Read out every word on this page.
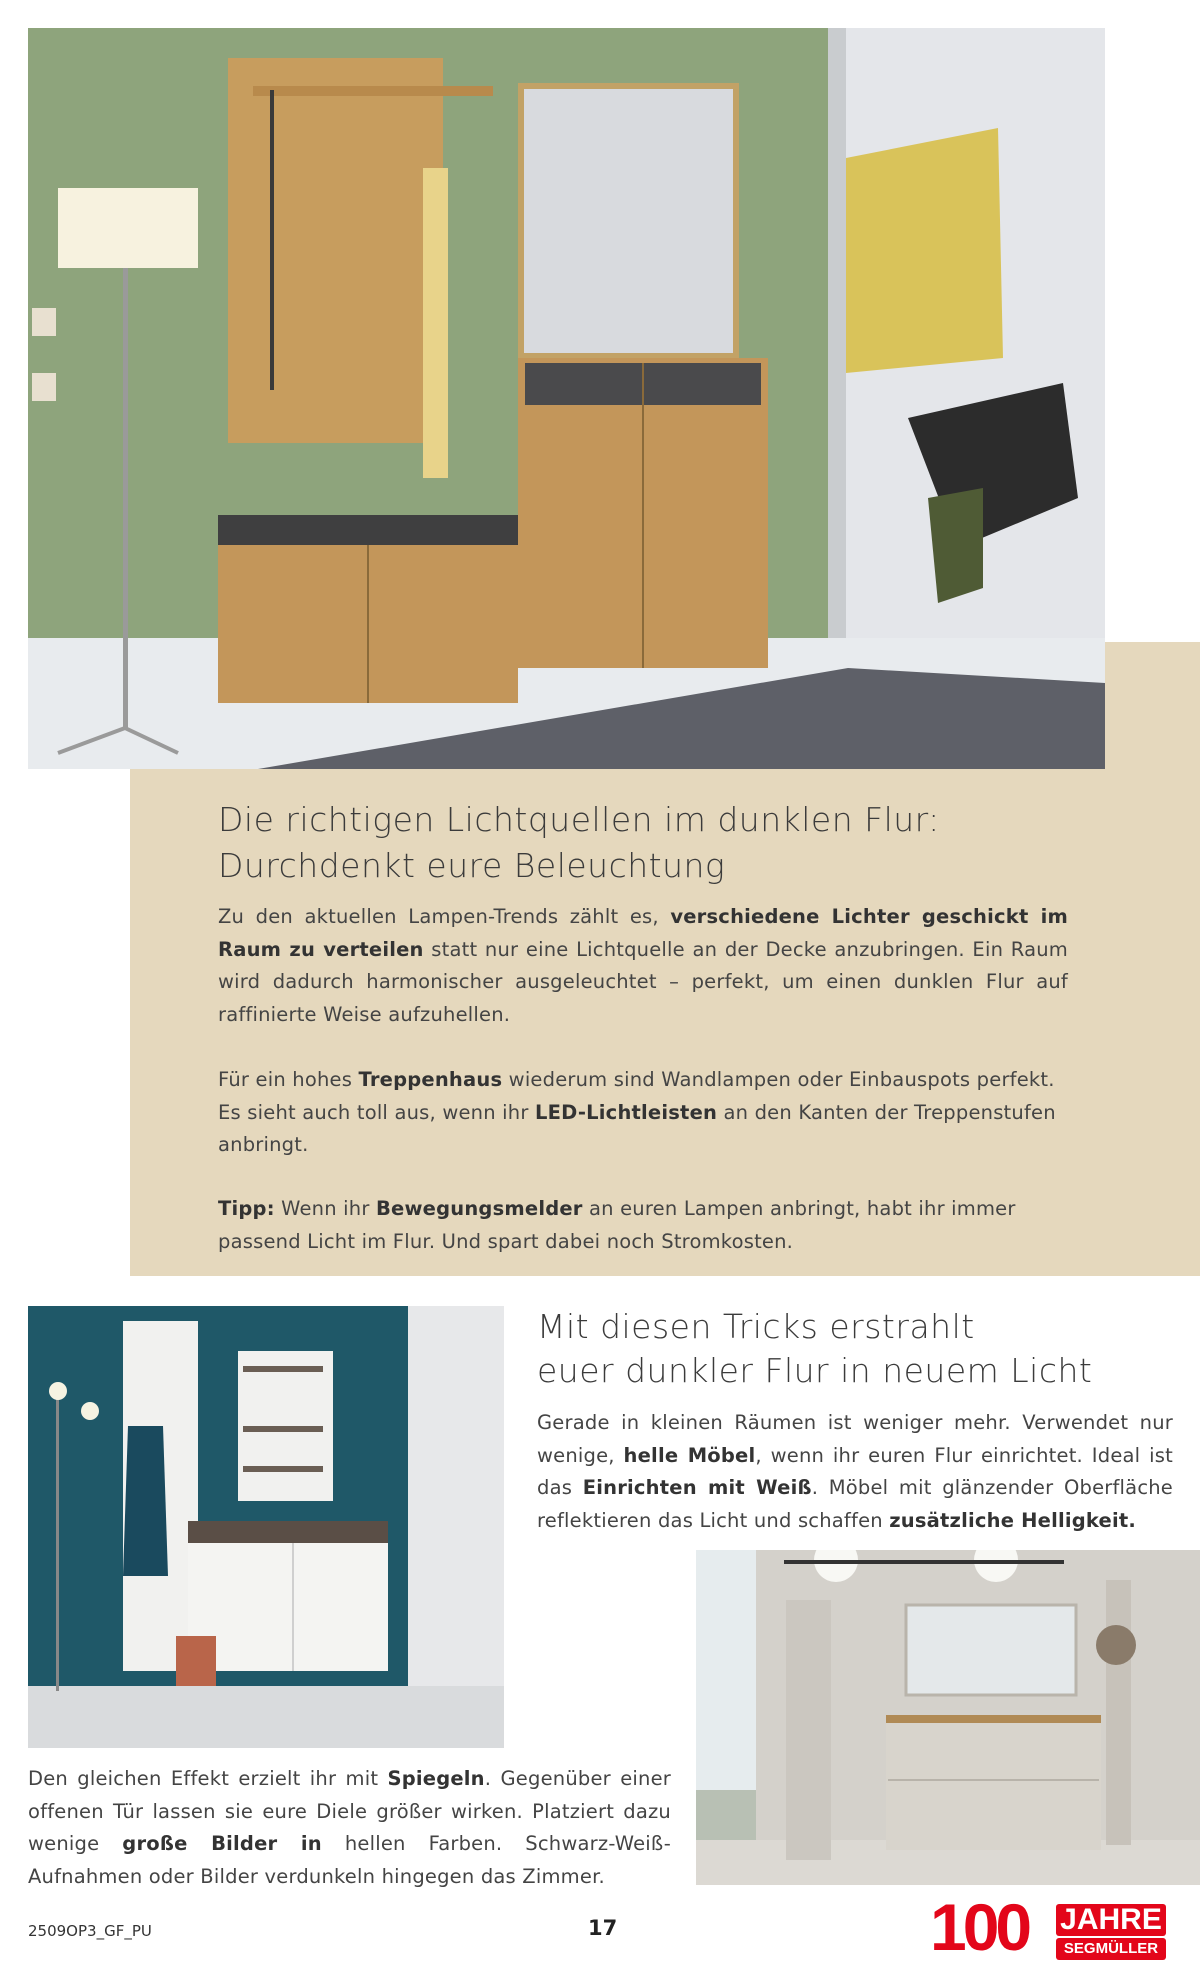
Die richtigen Lichtquellen im dunklen Flur:
Durchdenkt eure Beleuchtung

Zu den aktuellen Lampen-Trends zählt es, verschiedene Lichter geschickt im Raum zu verteilen statt nur eine Lichtquelle an der Decke anzubringen. Ein Raum wird dadurch harmonischer ausgeleuchtet – perfekt, um einen dunklen Flur auf raffinierte Weise aufzuhellen.

Für ein hohes Treppenhaus wiederum sind Wandlampen oder Einbauspots perfekt. Es sieht auch toll aus, wenn ihr LED-Lichtleisten an den Kanten der Treppenstufen anbringt.

Tipp: Wenn ihr Bewegungsmelder an euren Lampen anbringt, habt ihr immer passend Licht im Flur. Und spart dabei noch Stromkosten.

Mit diesen Tricks erstrahlt
euer dunkler Flur in neuem Licht

Gerade in kleinen Räumen ist weniger mehr. Verwendet nur wenige, helle Möbel, wenn ihr euren Flur einrichtet. Ideal ist das Einrichten mit Weiß. Möbel mit glänzender Oberfläche reflektieren das Licht und schaffen zusätzliche Helligkeit.

Den gleichen Effekt erzielt ihr mit Spiegeln. Gegenüber einer offenen Tür lassen sie eure Diele größer wirken. Platziert dazu wenige große Bilder in hellen Farben. Schwarz-Weiß-Aufnahmen oder Bilder verdunkeln hingegen das Zimmer.

2509OP3_GF_PU	17	100 JAHRE
SEGMÜLLER
